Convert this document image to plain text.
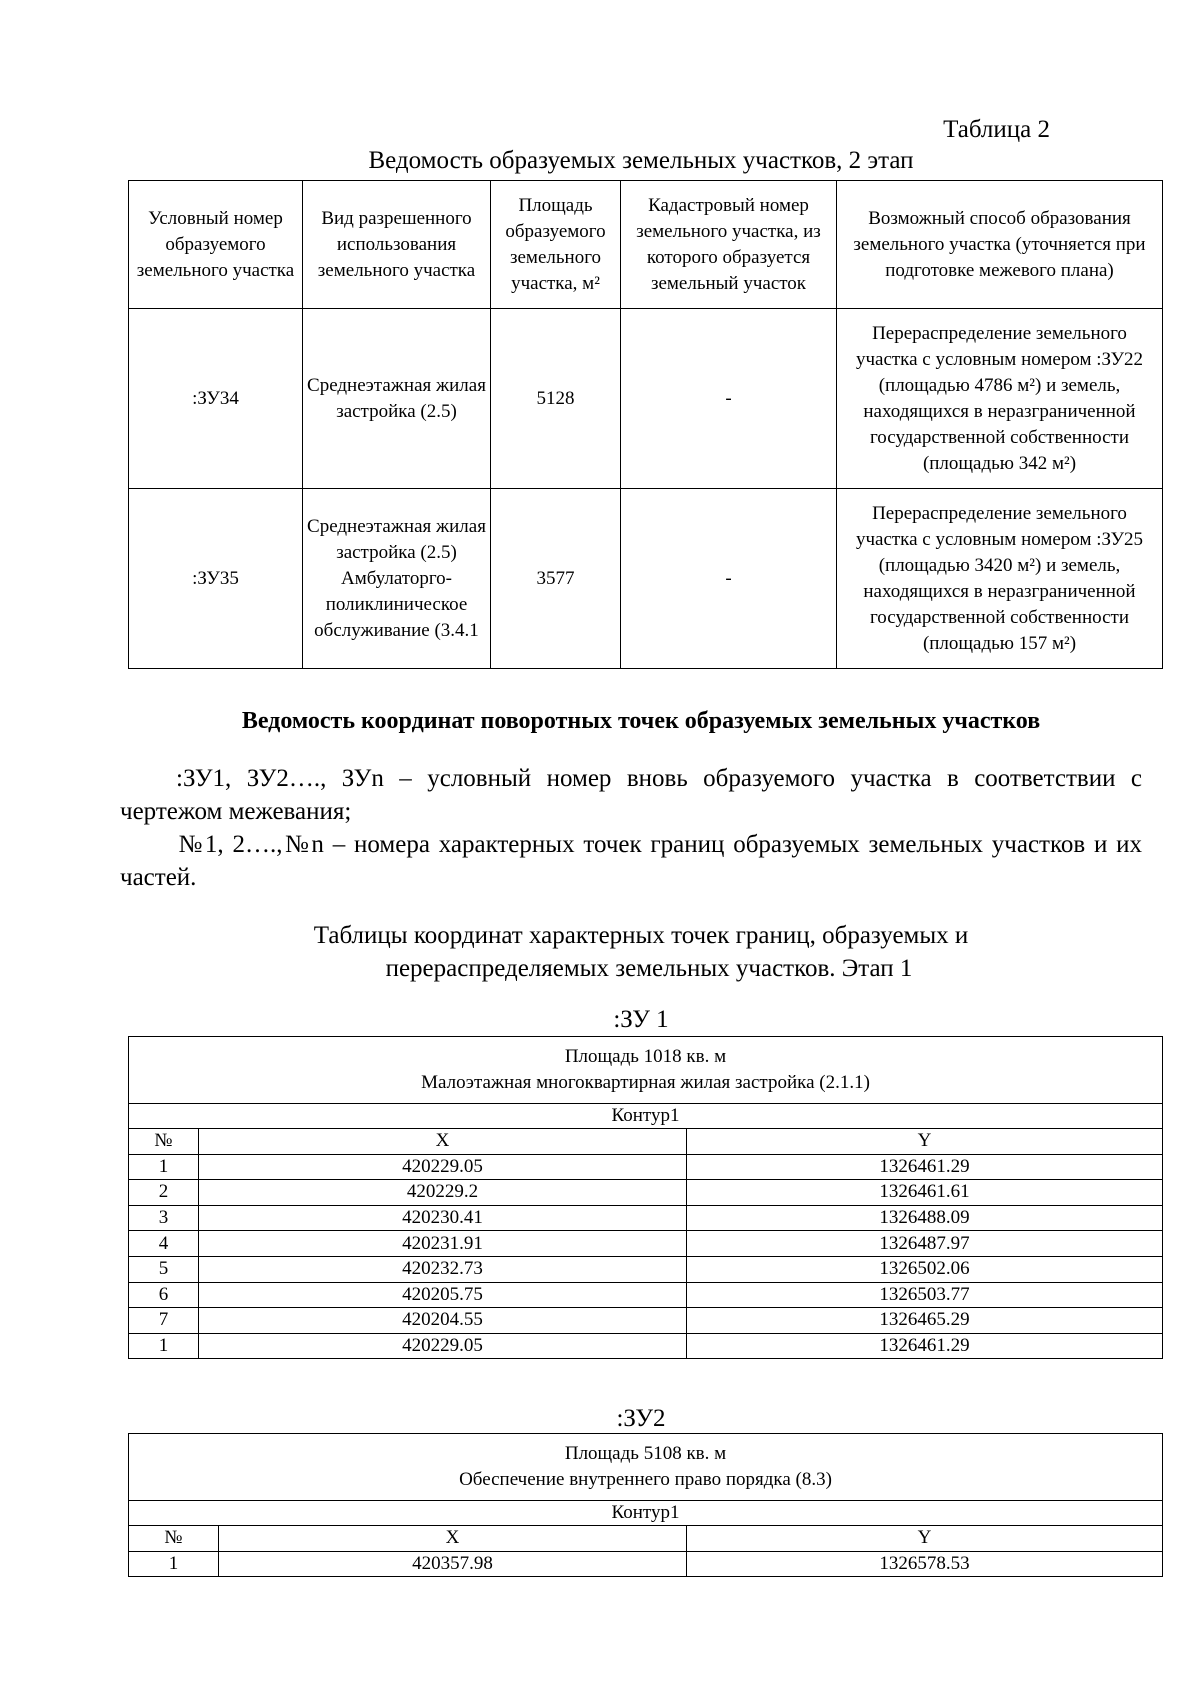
Таблица 2
Ведомость образуемых земельных участков, 2 этап
Условный номер образуемого земельного участка	Вид разрешенного использования земельного участка	Площадь образуемого земельного участка, м²	Кадастровый номер земельного участка, из которого образуется земельный участок	Возможный способ образования земельного участка (уточняется при подготовке межевого плана)
:ЗУ34	Среднеэтажная жилая застройка (2.5)	5128	-	Перераспределение земельного участка с условным номером :ЗУ22 (площадью 4786 м²) и земель, находящихся в неразграниченной государственной собственности (площадью 342 м²)
:ЗУ35	Среднеэтажная жилая застройка (2.5) Амбулаторго-поликлиническое обслуживание (3.4.1	3577	-	Перераспределение земельного участка с условным номером :ЗУ25 (площадью 3420 м²) и земель, находящихся в неразграниченной государственной собственности (площадью 157 м²)
Ведомость координат поворотных точек образуемых земельных участков
:ЗУ1, ЗУ2…., ЗУn – условный номер вновь образуемого участка в соответствии с чертежом межевания;
№1, 2….,№n – номера характерных точек границ образуемых земельных участков и их частей.
Таблицы координат характерных точек границ, образуемых и
перераспределяемых земельных участков. Этап 1
:ЗУ 1
Площадь 1018 кв. м
Малоэтажная многоквартирная жилая застройка (2.1.1)		

Контур1		
№	X	Y
1	420229.05	1326461.29
2	420229.2	1326461.61
3	420230.41	1326488.09
4	420231.91	1326487.97
5	420232.73	1326502.06
6	420205.75	1326503.77
7	420204.55	1326465.29
1	420229.05	1326461.29
:ЗУ2
Площадь 5108 кв. м
Обеспечение внутреннего право порядка (8.3)		

Контур1		
№	X	Y
1	420357.98	1326578.53
